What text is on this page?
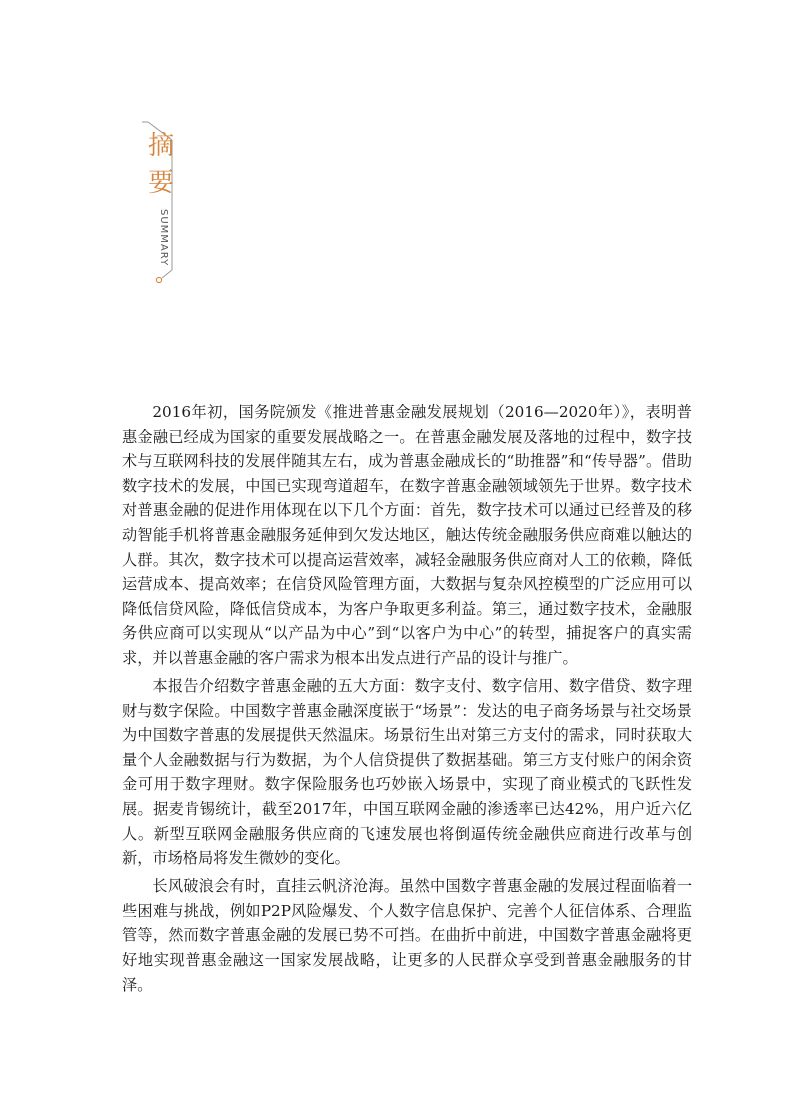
摘
要
SUMMARY

2016年初，国务院颁发《推进普惠金融发展规划（2016—2020年）》，表明普惠金融已经成为国家的重要发展战略之一。在普惠金融发展及落地的过程中，数字技术与互联网科技的发展伴随其左右，成为普惠金融成长的“助推器”和“传导器”。借助数字技术的发展，中国已实现弯道超车，在数字普惠金融领域领先于世界。数字技术对普惠金融的促进作用体现在以下几个方面：首先，数字技术可以通过已经普及的移动智能手机将普惠金融服务延伸到欠发达地区，触达传统金融服务供应商难以触达的人群。其次，数字技术可以提高运营效率，减轻金融服务供应商对人工的依赖，降低运营成本、提高效率；在信贷风险管理方面，大数据与复杂风控模型的广泛应用可以降低信贷风险，降低信贷成本，为客户争取更多利益。第三，通过数字技术，金融服务供应商可以实现从“以产品为中心”到“以客户为中心”的转型，捕捉客户的真实需求，并以普惠金融的客户需求为根本出发点进行产品的设计与推广。

本报告介绍数字普惠金融的五大方面：数字支付、数字信用、数字借贷、数字理财与数字保险。中国数字普惠金融深度嵌于“场景”：发达的电子商务场景与社交场景为中国数字普惠的发展提供天然温床。场景衍生出对第三方支付的需求，同时获取大量个人金融数据与行为数据，为个人信贷提供了数据基础。第三方支付账户的闲余资金可用于数字理财。数字保险服务也巧妙嵌入场景中，实现了商业模式的飞跃性发展。据麦肯锡统计，截至2017年，中国互联网金融的渗透率已达42%，用户近六亿人。新型互联网金融服务供应商的飞速发展也将倒逼传统金融供应商进行改革与创新，市场格局将发生微妙的变化。

长风破浪会有时，直挂云帆济沧海。虽然中国数字普惠金融的发展过程面临着一些困难与挑战，例如P2P风险爆发、个人数字信息保护、完善个人征信体系、合理监管等，然而数字普惠金融的发展已势不可挡。在曲折中前进，中国数字普惠金融将更好地实现普惠金融这一国家发展战略，让更多的人民群众享受到普惠金融服务的甘泽。
